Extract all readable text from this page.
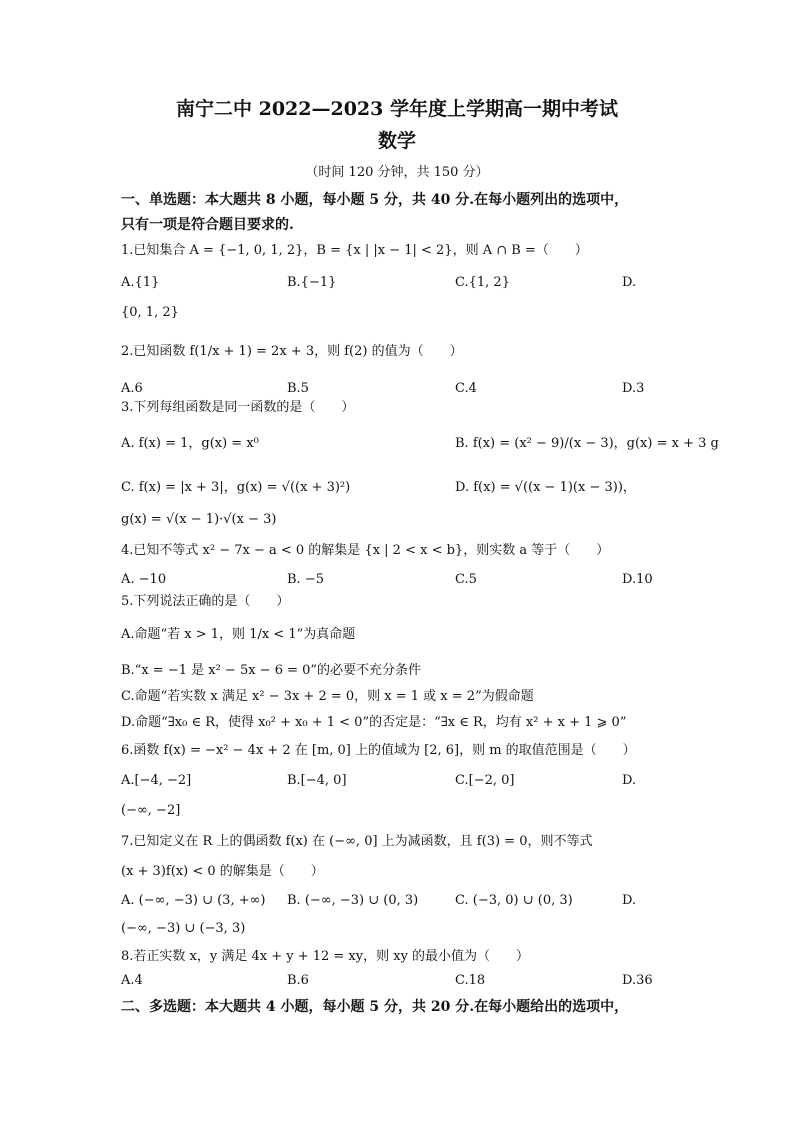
南宁二中 2022—2023 学年度上学期高一期中考试
数学
（时间 120 分钟，共 150 分）
一、单选题：本大题共 8 小题，每小题 5 分，共 40 分.在每小题列出的选项中，
只有一项是符合题目要求的.
1.已知集合 A = {−1, 0, 1, 2}，B = {x | |x − 1| < 2}，则 A ∩ B =（　　）
A.{1}	B.{−1}	C.{1, 2}	D.
{0, 1, 2}
2.已知函数 f(1/x + 1) = 2x + 3，则 f(2) 的值为（　　）
A.6	B.5	C.4	D.3
3.下列每组函数是同一函数的是（　　）
A. f(x) = 1，g(x) = x⁰	B. f(x) = (x² − 9)/(x − 3)，g(x) = x + 3 g
C. f(x) = |x + 3|，g(x) = √((x + 3)²)	D. f(x) = √((x − 1)(x − 3))，
g(x) = √(x − 1)·√(x − 3)
4.已知不等式 x² − 7x − a < 0 的解集是 {x | 2 < x < b}，则实数 a 等于（　　）
A. −10	B. −5	C.5	D.10
5.下列说法正确的是（　　）
A.命题“若 x > 1，则 1/x < 1”为真命题
B.“x = −1 是 x² − 5x − 6 = 0”的必要不充分条件
C.命题“若实数 x 满足 x² − 3x + 2 = 0，则 x = 1 或 x = 2”为假命题
D.命题“∃x₀ ∈ R，使得 x₀² + x₀ + 1 < 0”的否定是：“∃x ∈ R，均有 x² + x + 1 ⩾ 0”
6.函数 f(x) = −x² − 4x + 2 在 [m, 0] 上的值域为 [2, 6]，则 m 的取值范围是（　　）
A.[−4, −2]	B.[−4, 0]	C.[−2, 0]	D.
(−∞, −2]
7.已知定义在 R 上的偶函数 f(x) 在 (−∞, 0] 上为减函数，且 f(3) = 0，则不等式
(x + 3)f(x) < 0 的解集是（　　）
A. (−∞, −3) ∪ (3, +∞) B. (−∞, −3) ∪ (0, 3)	C. (−3, 0) ∪ (0, 3)	D.
(−∞, −3) ∪ (−3, 3)
8.若正实数 x，y 满足 4x + y + 12 = xy，则 xy 的最小值为（　　）
A.4	B.6	C.18	D.36
二、多选题：本大题共 4 小题，每小题 5 分，共 20 分.在每小题给出的选项中，
